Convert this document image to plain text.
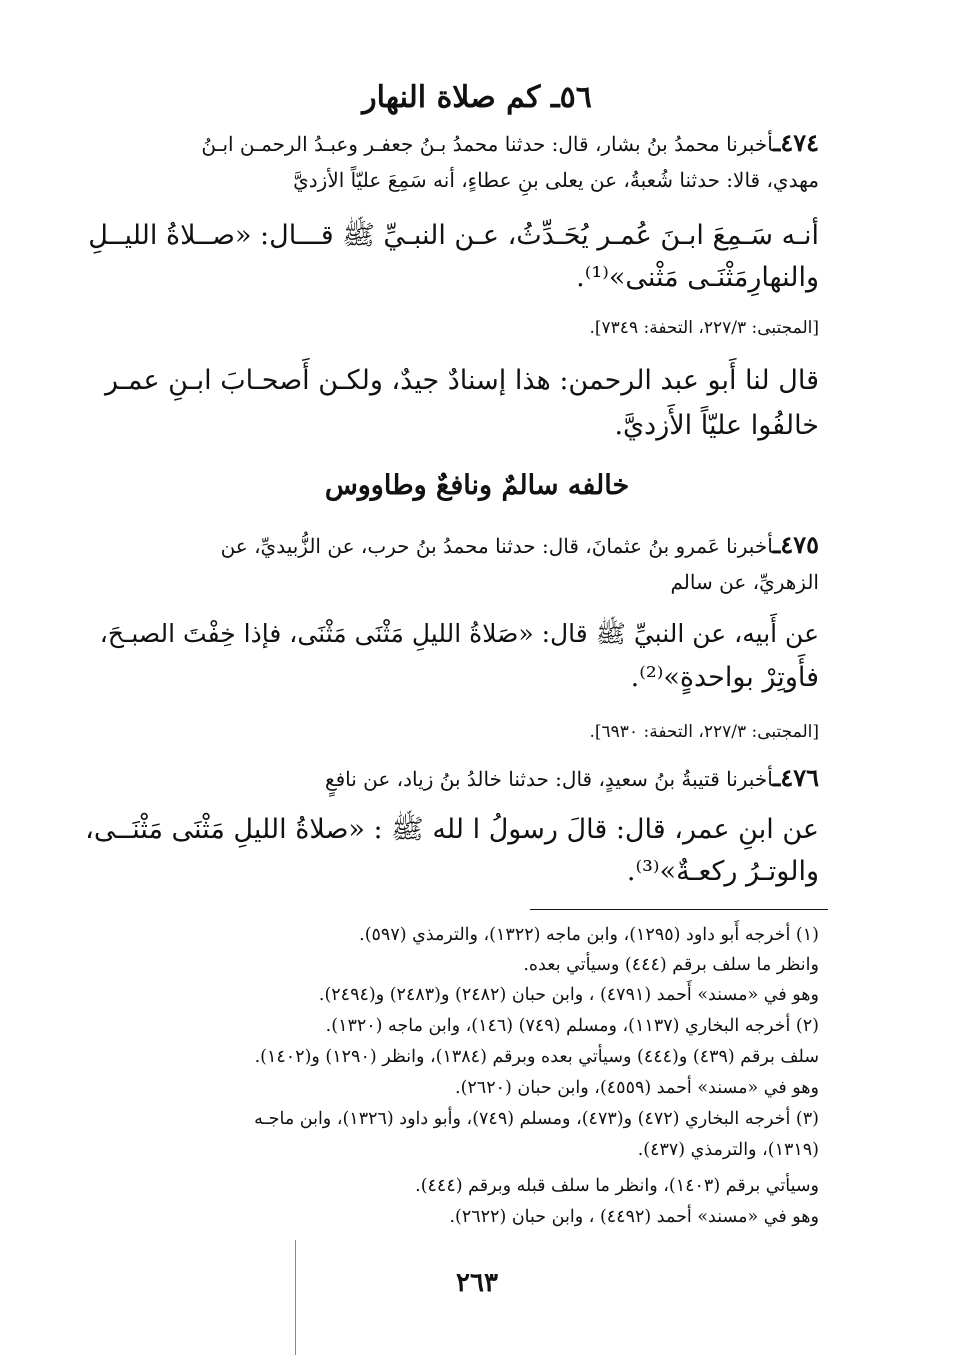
٥٦ـ كم صلاة النهار
٤٧٤ـأخبرنا محمدُ بنُ بشار، قال: حدثنا محمدُ بـنُ جعفـر وعبـدُ الرحمـن ابـنُ
مهدي، قالا: حدثنا شُعبةُ، عن يعلى بنِ عطاءٍ، أنه سَمِعَ عليّاً الأزديَّ
أنـه سَـمِعَ ابـنَ عُمـر يُحَـدِّثُ، عـن النبـيِّ ﷺ قـــال: «صــلاةُ الليــلِ
والنهارِمَثْنَـى مَثْنى»⁽¹⁾.
[المجتبى: ٢٢٧/٣، التحفة: ٧٣٤٩].
قال لنا أَبو عبد الرحمن: هذا إسنادٌ جيدٌ، ولكـن أَصحـابَ ابـنِ عمـر
خالفُوا عليّاً الأَزديَّ.
خالفه سالمٌ ونافعٌ وطاووس
٤٧٥ـأخبرنا عَمرو بنُ عثمانَ، قال: حدثنا محمدُ بنُ حرب، عن الزُّبيديِّ، عن
الزهريِّ، عن سالم
عن أَبيه، عن النبيِّ ﷺ قال: «صَلاةُ الليلِ مَثْنَى مَثْنَى، فإذا خِفْتَ الصبـحَ،
فأَوتِرْ بواحدةٍ»⁽²⁾.
[المجتبى: ٢٢٧/٣، التحفة: ٦٩٣٠].
٤٧٦ـأخبرنا قتيبةُ بنُ سعيدٍ، قال: حدثنا خالدُ بنُ زياد، عن نافعٍ
عن ابنِ عمر، قال: قالَ رسولُ ا لله ﷺ : «صلاةُ الليلِ مَثْنَى مَثْنَــى،
والوتـرُ ركعـةٌ»⁽³⁾.
(١) أخرجه أَبو داود (١٢٩٥)، وابن ماجه (١٣٢٢)، والترمذي (٥٩٧).
وانظر ما سلف برقم (٤٤٤) وسيأتي بعده.
وهو في «مسند» أَحمد (٤٧٩١) ، وابن حبان (٢٤٨٢) و(٢٤٨٣) و(٢٤٩٤).
(٢) أخرجه البخاري (١١٣٧)، ومسلم (٧٤٩) (١٤٦)، وابن ماجه (١٣٢٠).
سلف برقم (٤٣٩) و(٤٤٤) وسيأتي بعده وبرقم (١٣٨٤)، وانظر (١٢٩٠) و(١٤٠٢).
وهو في «مسند» أحمد (٤٥٥٩)، وابن حبان (٢٦٢٠).
(٣) أخرجه البخاري (٤٧٢) و(٤٧٣)، ومسلم (٧٤٩)، وأبو داود (١٣٢٦)، وابن ماجـه
(١٣١٩)، والترمذي (٤٣٧).
وسيأتي برقم (١٤٠٣)، وانظر ما سلف قبله وبرقم (٤٤٤).
وهو في «مسند» أحمد (٤٤٩٢) ، وابن حبان (٢٦٢٢).
٢٦٣
